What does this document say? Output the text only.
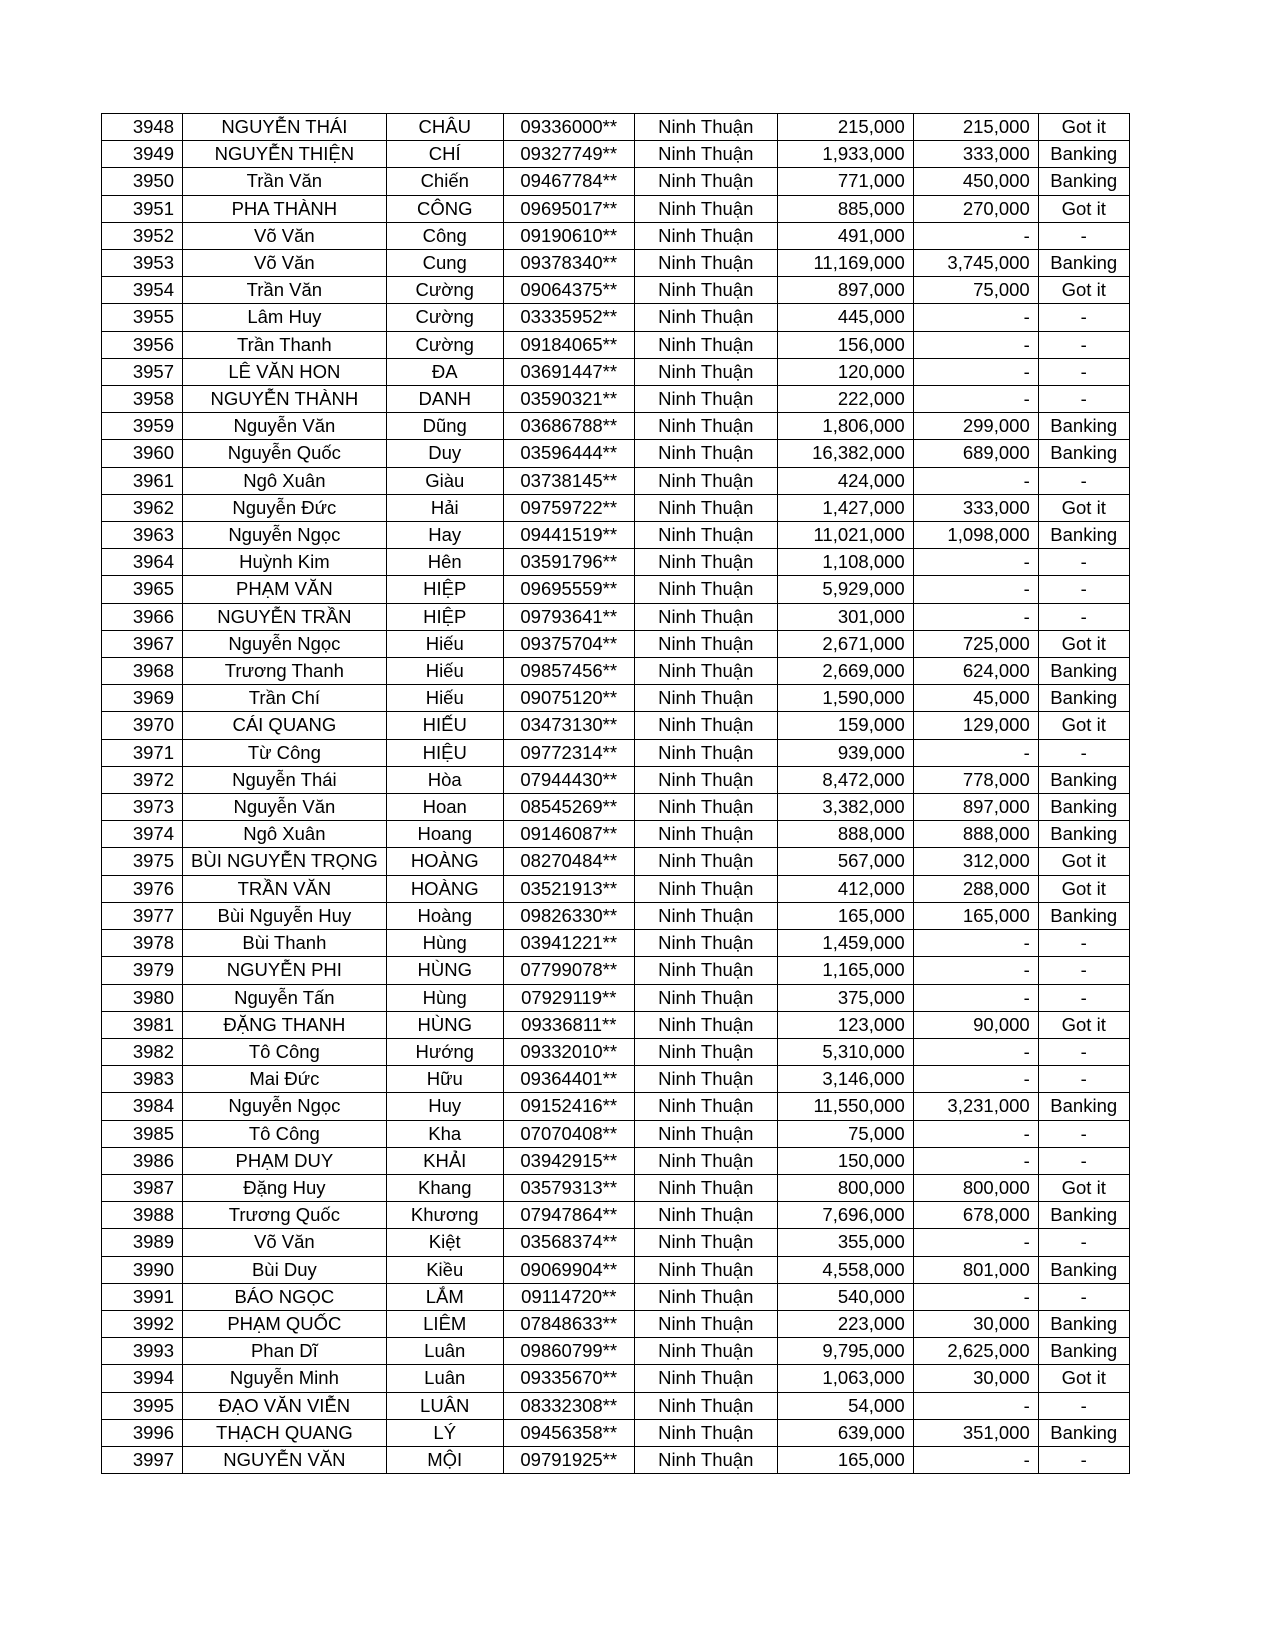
3948	NGUYỄN THÁI	CHÂU	09336000**	Ninh Thuận	215,000	215,000	Got it
3949	NGUYỄN THIỆN	CHÍ	09327749**	Ninh Thuận	1,933,000	333,000	Banking
3950	Trần Văn	Chiến	09467784**	Ninh Thuận	771,000	450,000	Banking
3951	PHA THÀNH	CÔNG	09695017**	Ninh Thuận	885,000	270,000	Got it
3952	Võ Văn	Công	09190610**	Ninh Thuận	491,000	-	-
3953	Võ Văn	Cung	09378340**	Ninh Thuận	11,169,000	3,745,000	Banking
3954	Trần Văn	Cường	09064375**	Ninh Thuận	897,000	75,000	Got it
3955	Lâm Huy	Cường	03335952**	Ninh Thuận	445,000	-	-
3956	Trần Thanh	Cường	09184065**	Ninh Thuận	156,000	-	-
3957	LÊ VĂN HON	ĐA	03691447**	Ninh Thuận	120,000	-	-
3958	NGUYỄN THÀNH	DANH	03590321**	Ninh Thuận	222,000	-	-
3959	Nguyễn Văn	Dũng	03686788**	Ninh Thuận	1,806,000	299,000	Banking
3960	Nguyễn Quốc	Duy	03596444**	Ninh Thuận	16,382,000	689,000	Banking
3961	Ngô Xuân	Giàu	03738145**	Ninh Thuận	424,000	-	-
3962	Nguyễn Đức	Hải	09759722**	Ninh Thuận	1,427,000	333,000	Got it
3963	Nguyễn Ngọc	Hay	09441519**	Ninh Thuận	11,021,000	1,098,000	Banking
3964	Huỳnh Kim	Hên	03591796**	Ninh Thuận	1,108,000	-	-
3965	PHẠM VĂN	HIỆP	09695559**	Ninh Thuận	5,929,000	-	-
3966	NGUYỄN TRẦN	HIỆP	09793641**	Ninh Thuận	301,000	-	-
3967	Nguyễn Ngọc	Hiếu	09375704**	Ninh Thuận	2,671,000	725,000	Got it
3968	Trương Thanh	Hiếu	09857456**	Ninh Thuận	2,669,000	624,000	Banking
3969	Trần Chí	Hiếu	09075120**	Ninh Thuận	1,590,000	45,000	Banking
3970	CÁI QUANG	HIẾU	03473130**	Ninh Thuận	159,000	129,000	Got it
3971	Từ Công	HIỆU	09772314**	Ninh Thuận	939,000	-	-
3972	Nguyễn Thái	Hòa	07944430**	Ninh Thuận	8,472,000	778,000	Banking
3973	Nguyễn Văn	Hoan	08545269**	Ninh Thuận	3,382,000	897,000	Banking
3974	Ngô Xuân	Hoang	09146087**	Ninh Thuận	888,000	888,000	Banking
3975	BÙI NGUYỄN TRỌNG	HOÀNG	08270484**	Ninh Thuận	567,000	312,000	Got it
3976	TRẦN VĂN	HOÀNG	03521913**	Ninh Thuận	412,000	288,000	Got it
3977	Bùi Nguyễn Huy	Hoàng	09826330**	Ninh Thuận	165,000	165,000	Banking
3978	Bùi Thanh	Hùng	03941221**	Ninh Thuận	1,459,000	-	-
3979	NGUYỄN PHI	HÙNG	07799078**	Ninh Thuận	1,165,000	-	-
3980	Nguyễn Tấn	Hùng	07929119**	Ninh Thuận	375,000	-	-
3981	ĐẶNG THANH	HÙNG	09336811**	Ninh Thuận	123,000	90,000	Got it
3982	Tô Công	Hướng	09332010**	Ninh Thuận	5,310,000	-	-
3983	Mai Đức	Hữu	09364401**	Ninh Thuận	3,146,000	-	-
3984	Nguyễn Ngọc	Huy	09152416**	Ninh Thuận	11,550,000	3,231,000	Banking
3985	Tô Công	Kha	07070408**	Ninh Thuận	75,000	-	-
3986	PHẠM DUY	KHẢI	03942915**	Ninh Thuận	150,000	-	-
3987	Đặng Huy	Khang	03579313**	Ninh Thuận	800,000	800,000	Got it
3988	Trương Quốc	Khương	07947864**	Ninh Thuận	7,696,000	678,000	Banking
3989	Võ Văn	Kiệt	03568374**	Ninh Thuận	355,000	-	-
3990	Bùi Duy	Kiều	09069904**	Ninh Thuận	4,558,000	801,000	Banking
3991	BÁO NGỌC	LẮM	09114720**	Ninh Thuận	540,000	-	-
3992	PHẠM QUỐC	LIÊM	07848633**	Ninh Thuận	223,000	30,000	Banking
3993	Phan Dĩ	Luân	09860799**	Ninh Thuận	9,795,000	2,625,000	Banking
3994	Nguyễn Minh	Luân	09335670**	Ninh Thuận	1,063,000	30,000	Got it
3995	ĐẠO VĂN VIỄN	LUÂN	08332308**	Ninh Thuận	54,000	-	-
3996	THẠCH QUANG	LÝ	09456358**	Ninh Thuận	639,000	351,000	Banking
3997	NGUYỄN VĂN	MỘI	09791925**	Ninh Thuận	165,000	-	-
